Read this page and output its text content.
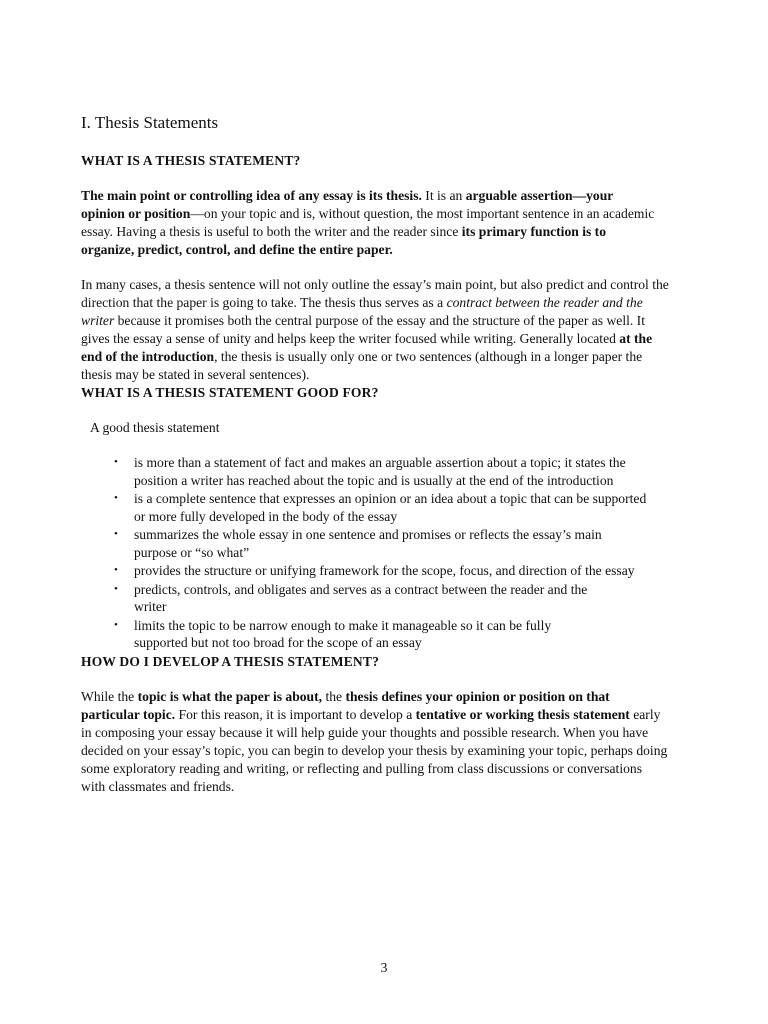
I. Thesis Statements
WHAT IS A THESIS STATEMENT?

The main point or controlling idea of any essay is its thesis. It is an arguable assertion—your opinion or position—on your topic and is, without question, the most important sentence in an academic essay. Having a thesis is useful to both the writer and the reader since its primary function is to organize, predict, control, and define the entire paper.

In many cases, a thesis sentence will not only outline the essay’s main point, but also predict and control the direction that the paper is going to take. The thesis thus serves as a contract between the reader and the writer because it promises both the central purpose of the essay and the structure of the paper as well. It gives the essay a sense of unity and helps keep the writer focused while writing. Generally located at the end of the introduction, the thesis is usually only one or two sentences (although in a longer paper the thesis may be stated in several sentences).

WHAT IS A THESIS STATEMENT GOOD FOR?

A good thesis statement

• is more than a statement of fact and makes an arguable assertion about a topic; it states the position a writer has reached about the topic and is usually at the end of the introduction
• is a complete sentence that expresses an opinion or an idea about a topic that can be supported or more fully developed in the body of the essay
• summarizes the whole essay in one sentence and promises or reflects the essay’s main purpose or “so what”
• provides the structure or unifying framework for the scope, focus, and direction of the essay
• predicts, controls, and obligates and serves as a contract between the reader and the writer
• limits the topic to be narrow enough to make it manageable so it can be fully supported but not too broad for the scope of an essay
HOW DO I DEVELOP A THESIS STATEMENT?

While the topic is what the paper is about, the thesis defines your opinion or position on that particular topic. For this reason, it is important to develop a tentative or working thesis statement early in composing your essay because it will help guide your thoughts and possible research. When you have decided on your essay’s topic, you can begin to develop your thesis by examining your topic, perhaps doing some exploratory reading and writing, or reflecting and pulling from class discussions or conversations with classmates and friends.

3
